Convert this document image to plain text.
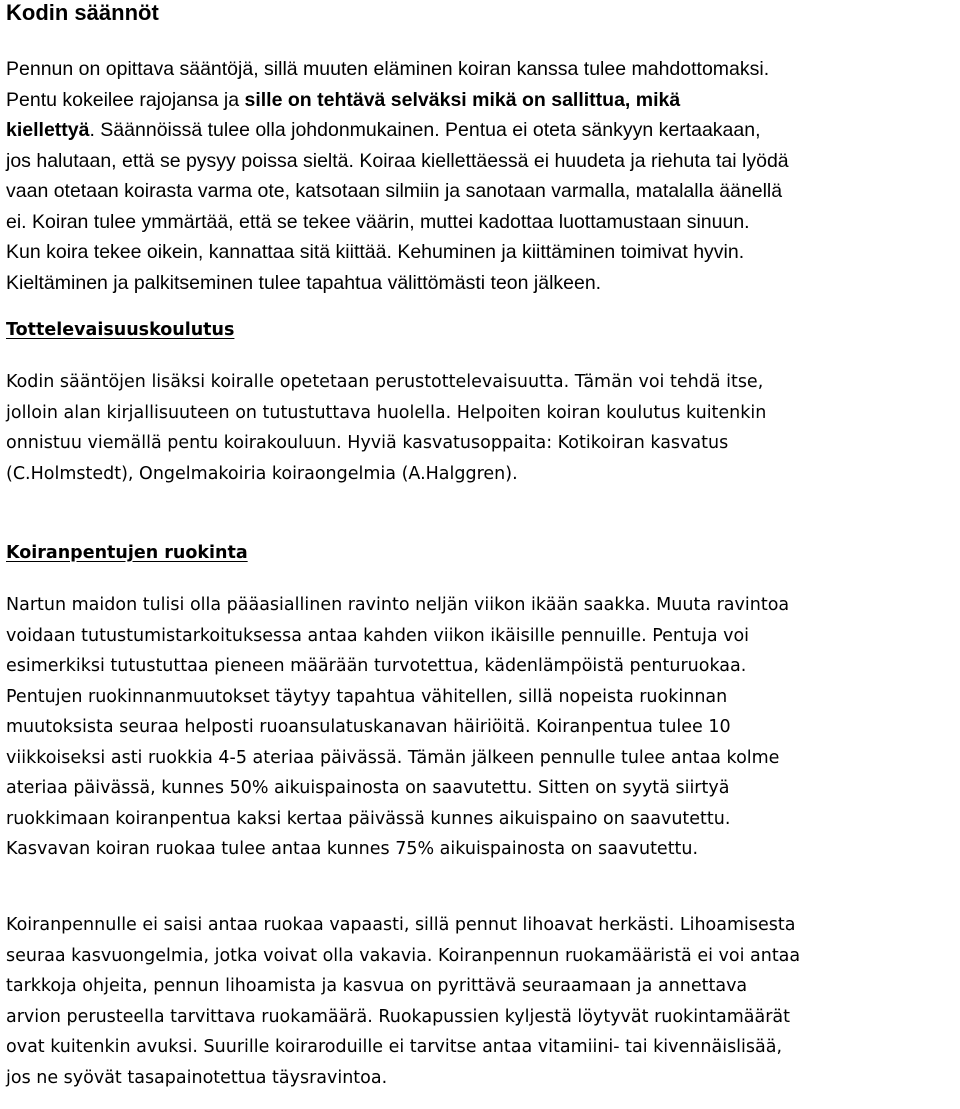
Kodin säännöt
Pennun on opittava sääntöjä, sillä muuten eläminen koiran kanssa tulee mahdottomaksi.
Pentu kokeilee rajojansa ja sille on tehtävä selväksi mikä on sallittua, mikä
kiellettyä. Säännöissä tulee olla johdonmukainen. Pentua ei oteta sänkyyn kertaakaan,
jos halutaan, että se pysyy poissa sieltä. Koiraa kiellettäessä ei huudeta ja riehuta tai lyödä
vaan otetaan koirasta varma ote, katsotaan silmiin ja sanotaan varmalla, matalalla äänellä
ei. Koiran tulee ymmärtää, että se tekee väärin, muttei kadottaa luottamustaan sinuun.
Kun koira tekee oikein, kannattaa sitä kiittää. Kehuminen ja kiittäminen toimivat hyvin.
Kieltäminen ja palkitseminen tulee tapahtua välittömästi teon jälkeen.
Tottelevaisuuskoulutus
Kodin sääntöjen lisäksi koiralle opetetaan perustottelevaisuutta. Tämän voi tehdä itse,
jolloin alan kirjallisuuteen on tutustuttava huolella. Helpoiten koiran koulutus kuitenkin
onnistuu viemällä pentu koirakouluun. Hyviä kasvatusoppaita: Kotikoiran kasvatus
(C.Holmstedt), Ongelmakoiria koiraongelmia (A.Halggren).
Koiranpentujen ruokinta
Nartun maidon tulisi olla pääasiallinen ravinto neljän viikon ikään saakka. Muuta ravintoa
voidaan tutustumistarkoituksessa antaa kahden viikon ikäisille pennuille. Pentuja voi
esimerkiksi tutustuttaa pieneen määrään turvotettua, kädenlämpöistä penturuokaa.
Pentujen ruokinnanmuutokset täytyy tapahtua vähitellen, sillä nopeista ruokinnan
muutoksista seuraa helposti ruoansulatuskanavan häiriöitä. Koiranpentua tulee 10
viikkoiseksi asti ruokkia 4-5 ateriaa päivässä. Tämän jälkeen pennulle tulee antaa kolme
ateriaa päivässä, kunnes 50% aikuispainosta on saavutettu. Sitten on syytä siirtyä
ruokkimaan koiranpentua kaksi kertaa päivässä kunnes aikuispaino on saavutettu.
Kasvavan koiran ruokaa tulee antaa kunnes 75% aikuispainosta on saavutettu.
Koiranpennulle ei saisi antaa ruokaa vapaasti, sillä pennut lihoavat herkästi. Lihoamisesta
seuraa kasvuongelmia, jotka voivat olla vakavia. Koiranpennun ruokamääristä ei voi antaa
tarkkoja ohjeita, pennun lihoamista ja kasvua on pyrittävä seuraamaan ja annettava
arvion perusteella tarvittava ruokamäärä. Ruokapussien kyljestä löytyvät ruokintamäärät
ovat kuitenkin avuksi. Suurille koiraroduille ei tarvitse antaa vitamiini- tai kivennäislisää,
jos ne syövät tasapainotettua täysravintoa.
